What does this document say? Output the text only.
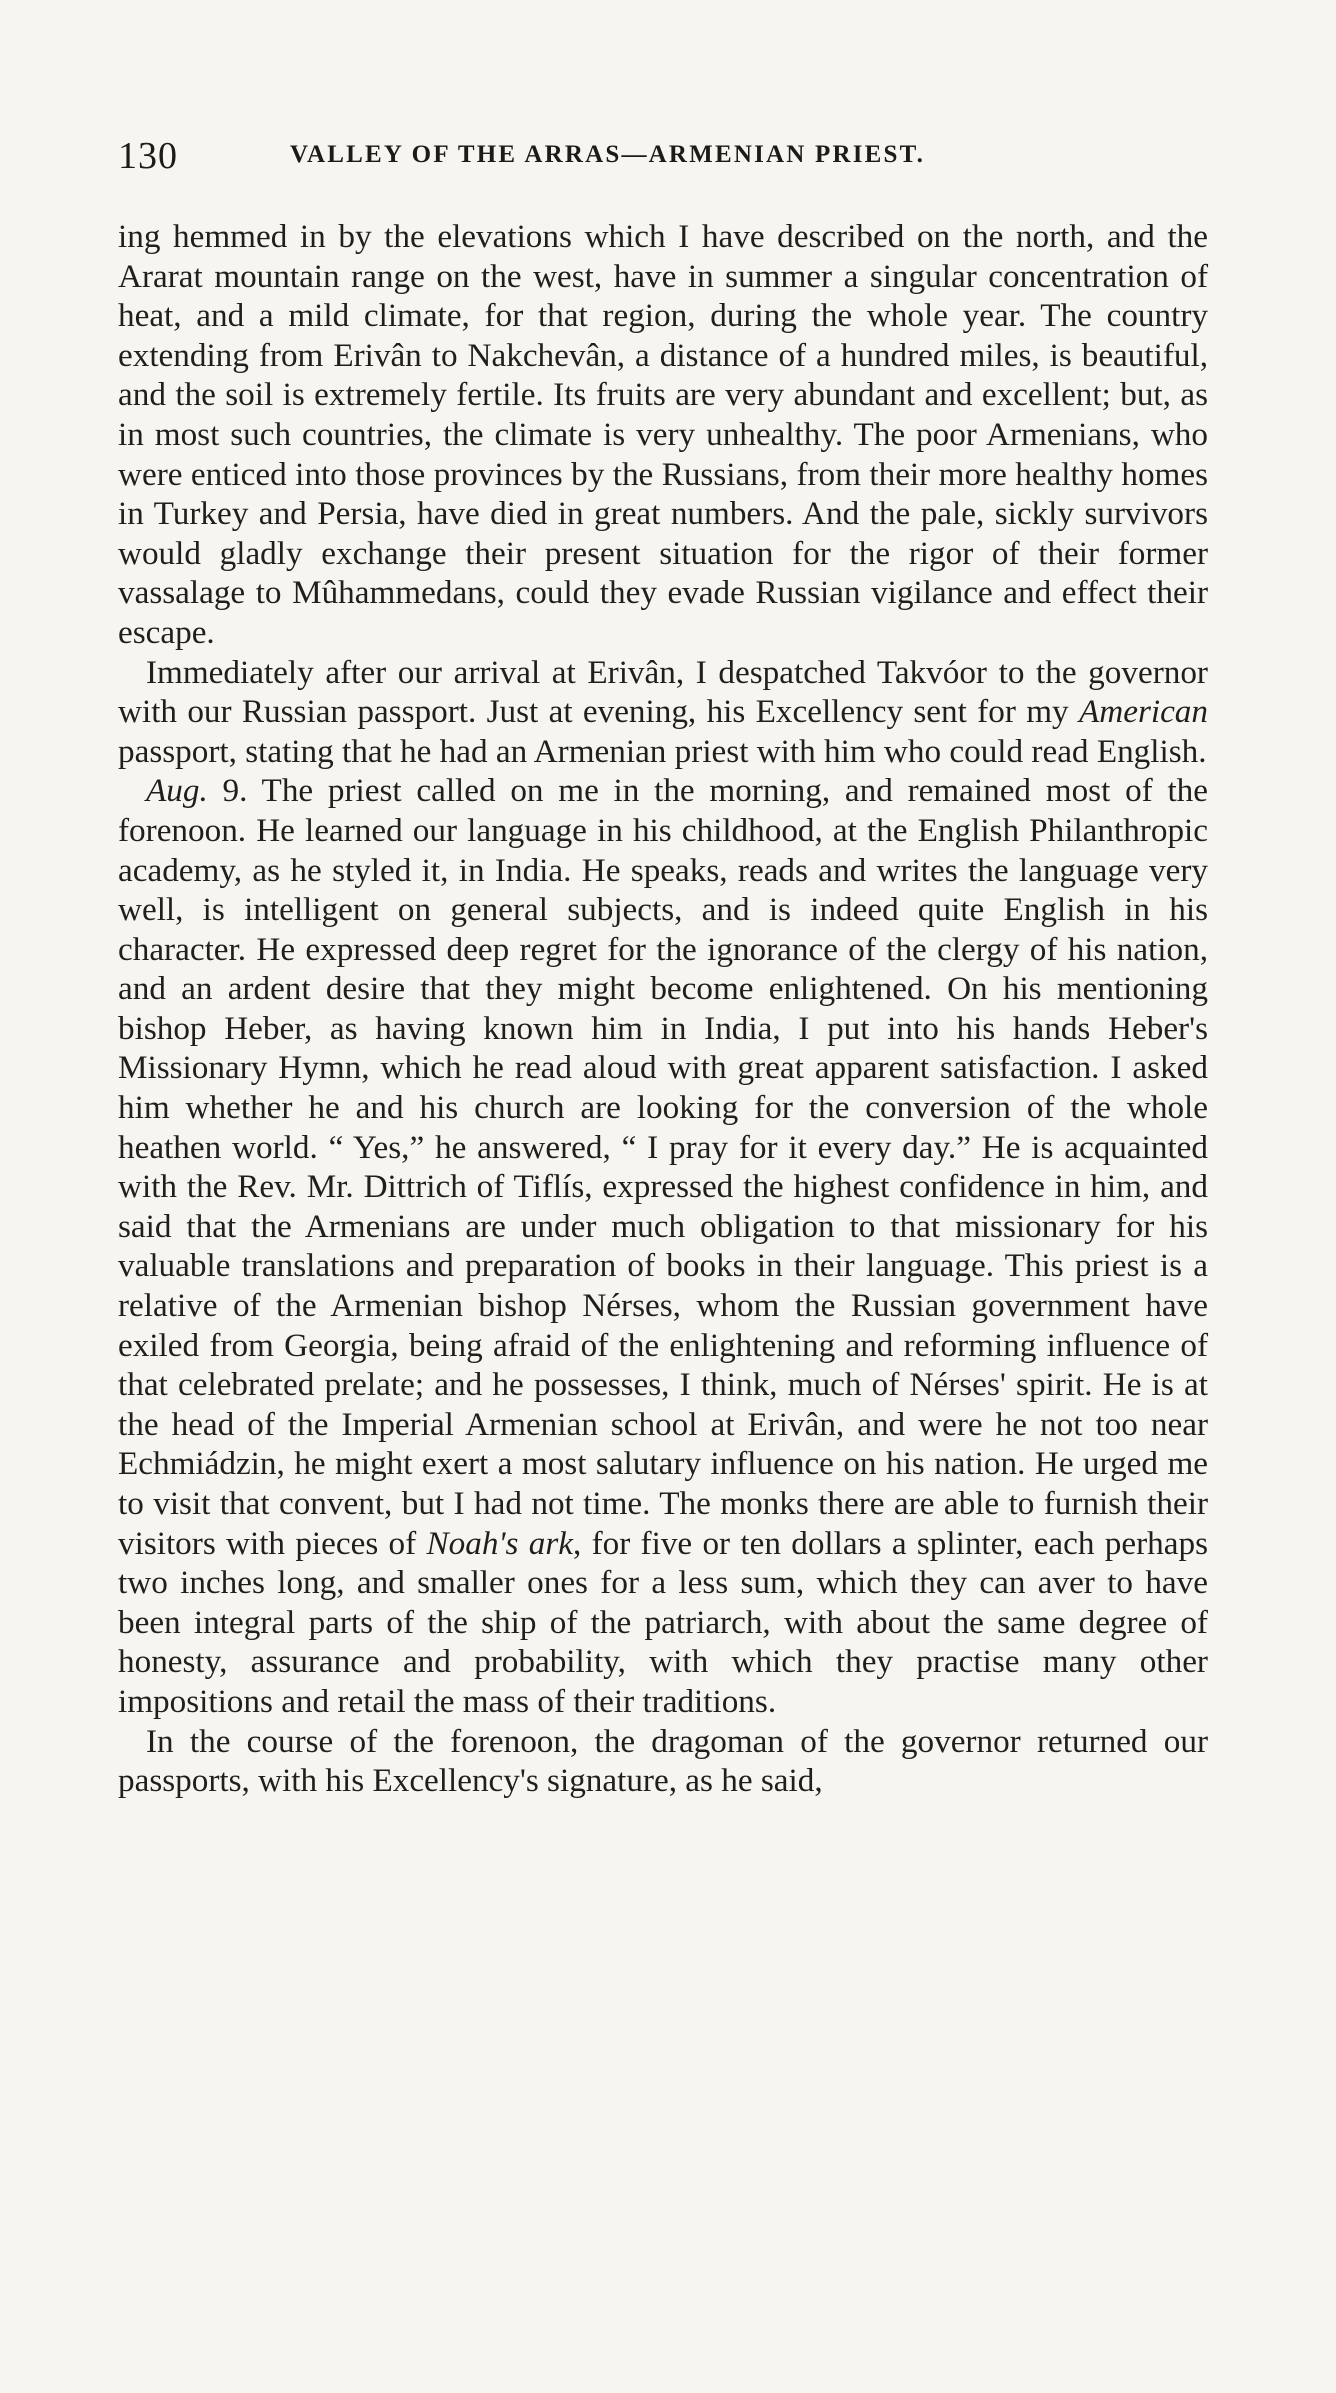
130	VALLEY OF THE ARRAS—ARMENIAN PRIEST.

ing hemmed in by the elevations which I have described on the north, and the Ararat mountain range on the west, have in summer a singular concentration of heat, and a mild climate, for that region, during the whole year. The country extending from Erivân to Nakchevân, a distance of a hundred miles, is beautiful, and the soil is extremely fertile. Its fruits are very abundant and excellent; but, as in most such countries, the climate is very unhealthy. The poor Armenians, who were enticed into those provinces by the Russians, from their more healthy homes in Turkey and Persia, have died in great numbers. And the pale, sickly survivors would gladly exchange their present situation for the rigor of their former vassalage to Mûhammedans, could they evade Russian vigilance and effect their escape.

Immediately after our arrival at Erivân, I despatched Takvóor to the governor with our Russian passport. Just at evening, his Excellency sent for my American passport, stating that he had an Armenian priest with him who could read English.

Aug. 9. The priest called on me in the morning, and remained most of the forenoon. He learned our language in his childhood, at the English Philanthropic academy, as he styled it, in India. He speaks, reads and writes the language very well, is intelligent on general subjects, and is indeed quite English in his character. He expressed deep regret for the ignorance of the clergy of his nation, and an ardent desire that they might become enlightened. On his mentioning bishop Heber, as having known him in India, I put into his hands Heber's Missionary Hymn, which he read aloud with great apparent satisfaction. I asked him whether he and his church are looking for the conversion of the whole heathen world. “ Yes,” he answered, “ I pray for it every day.” He is acquainted with the Rev. Mr. Dittrich of Tiflís, expressed the highest confidence in him, and said that the Armenians are under much obligation to that missionary for his valuable translations and preparation of books in their language. This priest is a relative of the Armenian bishop Nérses, whom the Russian government have exiled from Georgia, being afraid of the enlightening and reforming influence of that celebrated prelate; and he possesses, I think, much of Nérses' spirit. He is at the head of the Imperial Armenian school at Erivân, and were he not too near Echmiádzin, he might exert a most salutary influence on his nation. He urged me to visit that convent, but I had not time. The monks there are able to furnish their visitors with pieces of Noah's ark, for five or ten dollars a splinter, each perhaps two inches long, and smaller ones for a less sum, which they can aver to have been integral parts of the ship of the patriarch, with about the same degree of honesty, assurance and probability, with which they practise many other impositions and retail the mass of their traditions.

In the course of the forenoon, the dragoman of the governor returned our passports, with his Excellency's signature, as he said,
